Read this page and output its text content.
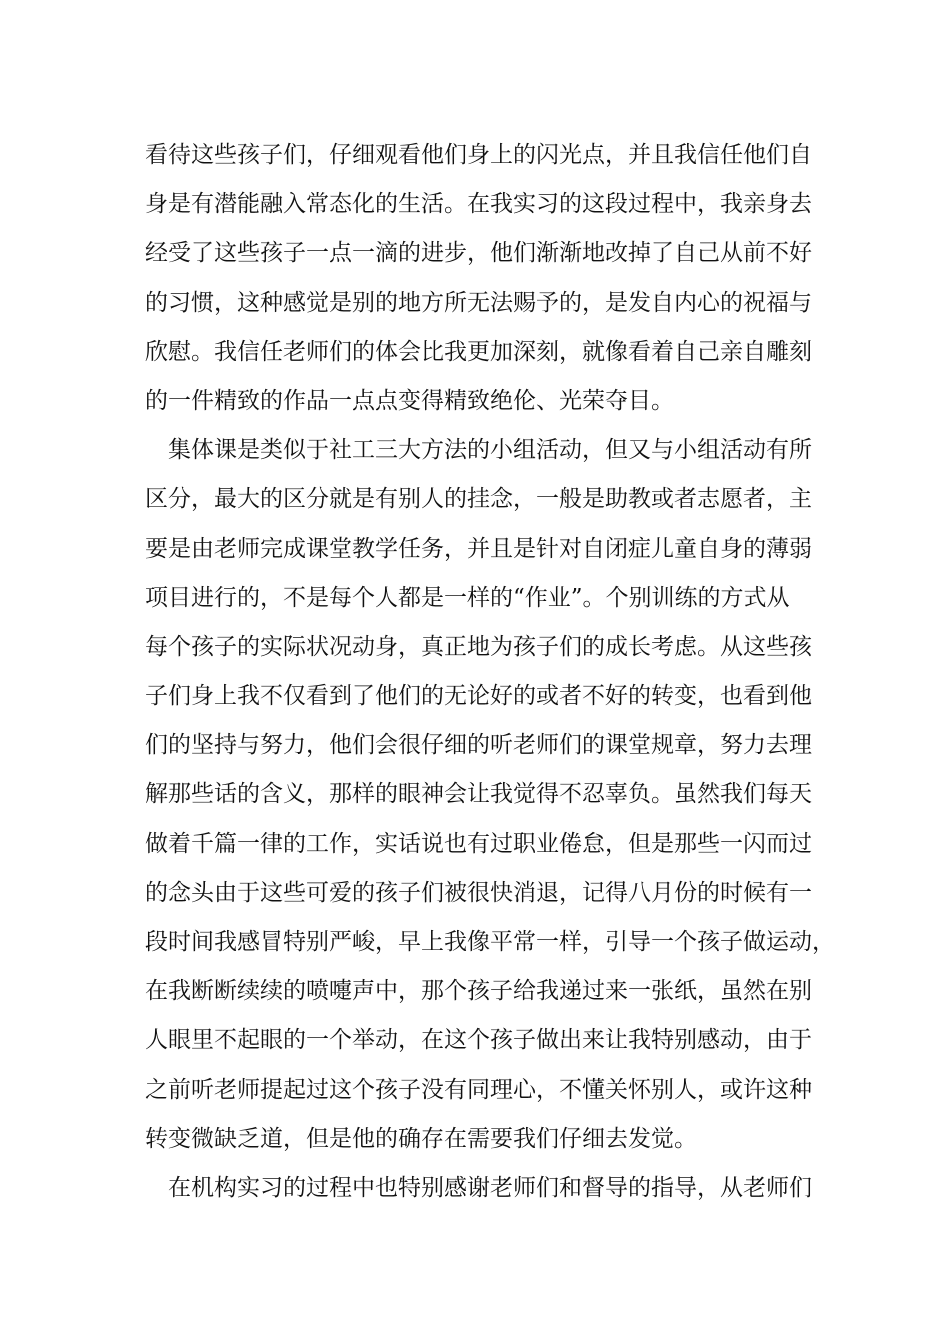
看待这些孩子们，仔细观看他们身上的闪光点，并且我信任他们自
身是有潜能融入常态化的生活。在我实习的这段过程中，我亲身去
经受了这些孩子一点一滴的进步，他们渐渐地改掉了自己从前不好
的习惯，这种感觉是别的地方所无法赐予的，是发自内心的祝福与
欣慰。我信任老师们的体会比我更加深刻，就像看着自己亲自雕刻
的一件精致的作品一点点变得精致绝伦、光荣夺目。
集体课是类似于社工三大方法的小组活动，但又与小组活动有所
区分，最大的区分就是有别人的挂念，一般是助教或者志愿者，主
要是由老师完成课堂教学任务，并且是针对自闭症儿童自身的薄弱
项目进行的，不是每个人都是一样的“作业”。个别训练的方式从
每个孩子的实际状况动身，真正地为孩子们的成长考虑。从这些孩
子们身上我不仅看到了他们的无论好的或者不好的转变，也看到他
们的坚持与努力，他们会很仔细的听老师们的课堂规章，努力去理
解那些话的含义，那样的眼神会让我觉得不忍辜负。虽然我们每天
做着千篇一律的工作，实话说也有过职业倦怠，但是那些一闪而过
的念头由于这些可爱的孩子们被很快消退，记得八月份的时候有一
段时间我感冒特别严峻，早上我像平常一样，引导一个孩子做运动，
在我断断续续的喷嚏声中，那个孩子给我递过来一张纸，虽然在别
人眼里不起眼的一个举动，在这个孩子做出来让我特别感动，由于
之前听老师提起过这个孩子没有同理心，不懂关怀别人，或许这种
转变微缺乏道，但是他的确存在需要我们仔细去发觉。
在机构实习的过程中也特别感谢老师们和督导的指导，从老师们
